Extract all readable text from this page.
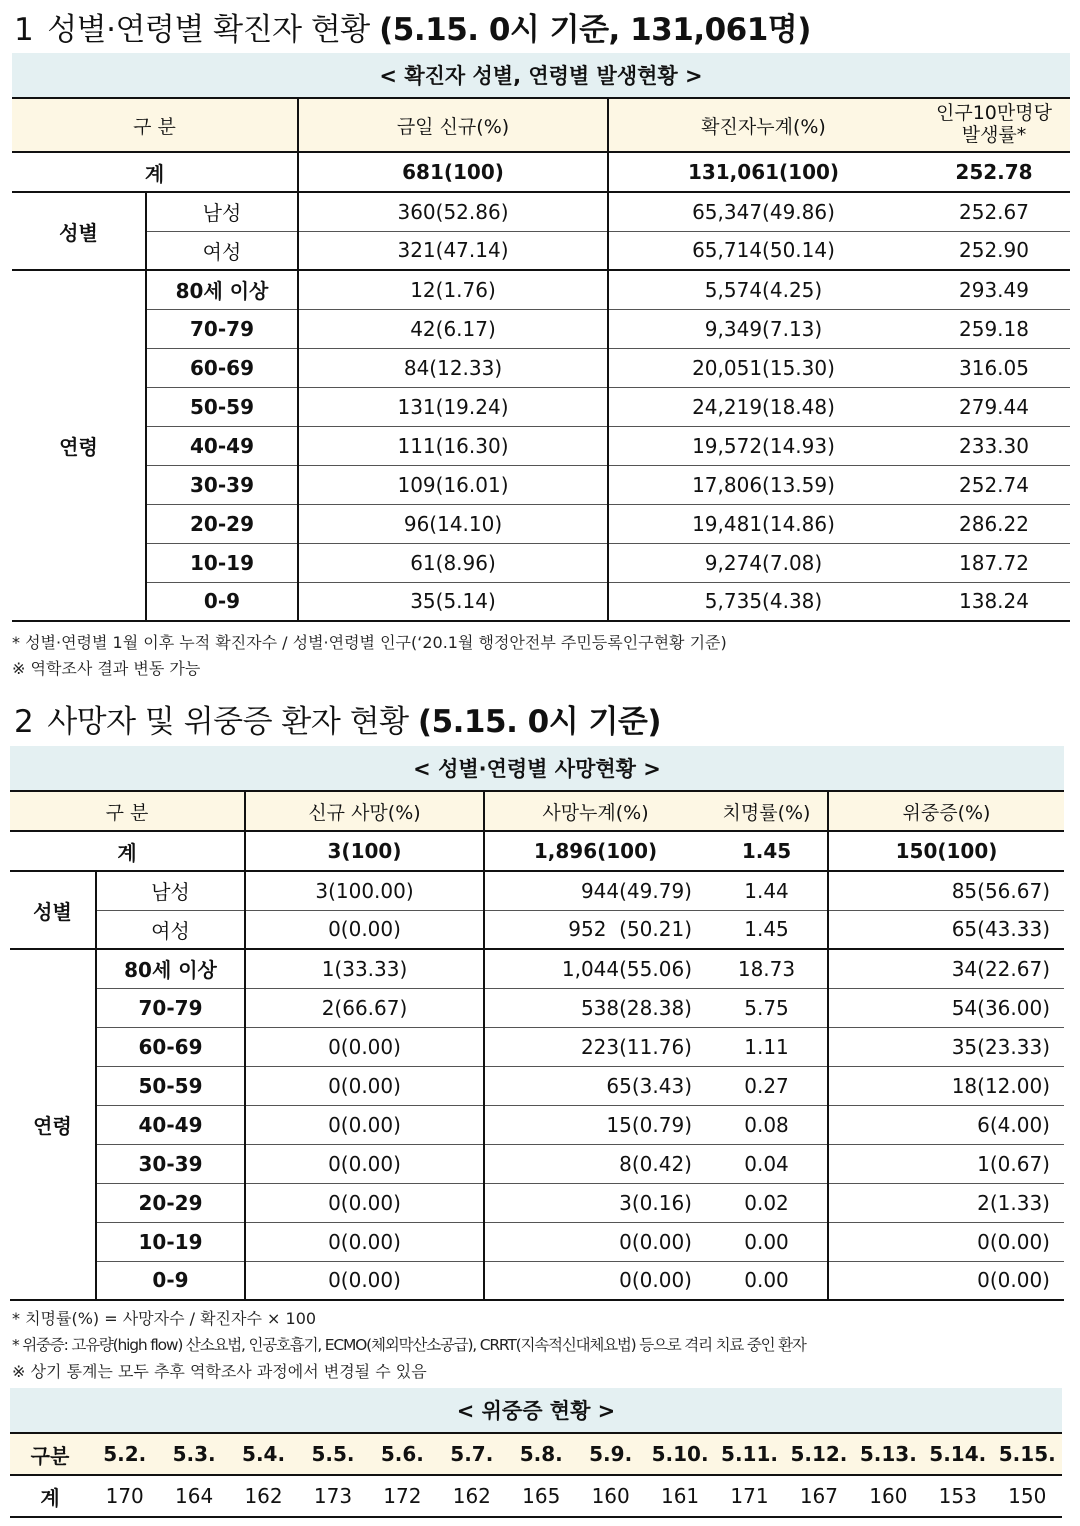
1 성별·연령별 확진자 현황 (5.15. 0시 기준, 131,061명)
< 확진자 성별, 연령별 발생현황 >
구 분		금일 신규(%)	확진자누계(%)	인구10만명당
발생률*

계		681(100)	131,061(100)	252.78
성별	남성	360(52.86)	65,347(49.86)	252.67
	여성	321(47.14)	65,714(50.14)	252.90
연령	80세 이상	12(1.76)	5,574(4.25)	293.49
	70-79	42(6.17)	9,349(7.13)	259.18
	60-69	84(12.33)	20,051(15.30)	316.05
	50-59	131(19.24)	24,219(18.48)	279.44
	40-49	111(16.30)	19,572(14.93)	233.30
	30-39	109(16.01)	17,806(13.59)	252.74
	20-29	96(14.10)	19,481(14.86)	286.22
	10-19	61(8.96)	9,274(7.08)	187.72
	0-9	35(5.14)	5,735(4.38)	138.24
* 성별·연령별 1월 이후 누적 확진자수 / 성별·연령별 인구(‘20.1월 행정안전부 주민등록인구현황 기준)
※ 역학조사 결과 변동 가능
2 사망자 및 위중증 환자 현황 (5.15. 0시 기준)
< 성별·연령별 사망현황 >
구 분		신규 사망(%)	사망누계(%)	치명률(%)	위중증(%)
계		3(100)	1,896(100)	1.45	150(100)
성별	남성	3(100.00)	944(49.79)	1.44	85(56.67)
	여성	0(0.00)	952  (50.21)	1.45	65(43.33)
연령	80세 이상	1(33.33)	1,044(55.06)	18.73	34(22.67)
	70-79	2(66.67)	538(28.38)	5.75	54(36.00)
	60-69	0(0.00)	223(11.76)	1.11	35(23.33)
	50-59	0(0.00)	65(3.43)	0.27	18(12.00)
	40-49	0(0.00)	15(0.79)	0.08	6(4.00)
	30-39	0(0.00)	8(0.42)	0.04	1(0.67)
	20-29	0(0.00)	3(0.16)	0.02	2(1.33)
	10-19	0(0.00)	0(0.00)	0.00	0(0.00)
	0-9	0(0.00)	0(0.00)	0.00	0(0.00)
* 치명률(%) = 사망자수 / 확진자수 × 100
* 위중증: 고유량(high flow) 산소요법, 인공호흡기, ECMO(체외막산소공급), CRRT(지속적신대체요법) 등으로 격리 치료 중인 환자
※ 상기 통계는 모두 추후 역학조사 과정에서 변경될 수 있음
< 위중증 현황 >
구분	5.2.	5.3.	5.4.	5.5.	5.6.	5.7.	5.8.	5.9.	5.10.	5.11.	5.12.	5.13.	5.14.	5.15.
계	170	164	162	173	172	162	165	160	161	171	167	160	153	150
